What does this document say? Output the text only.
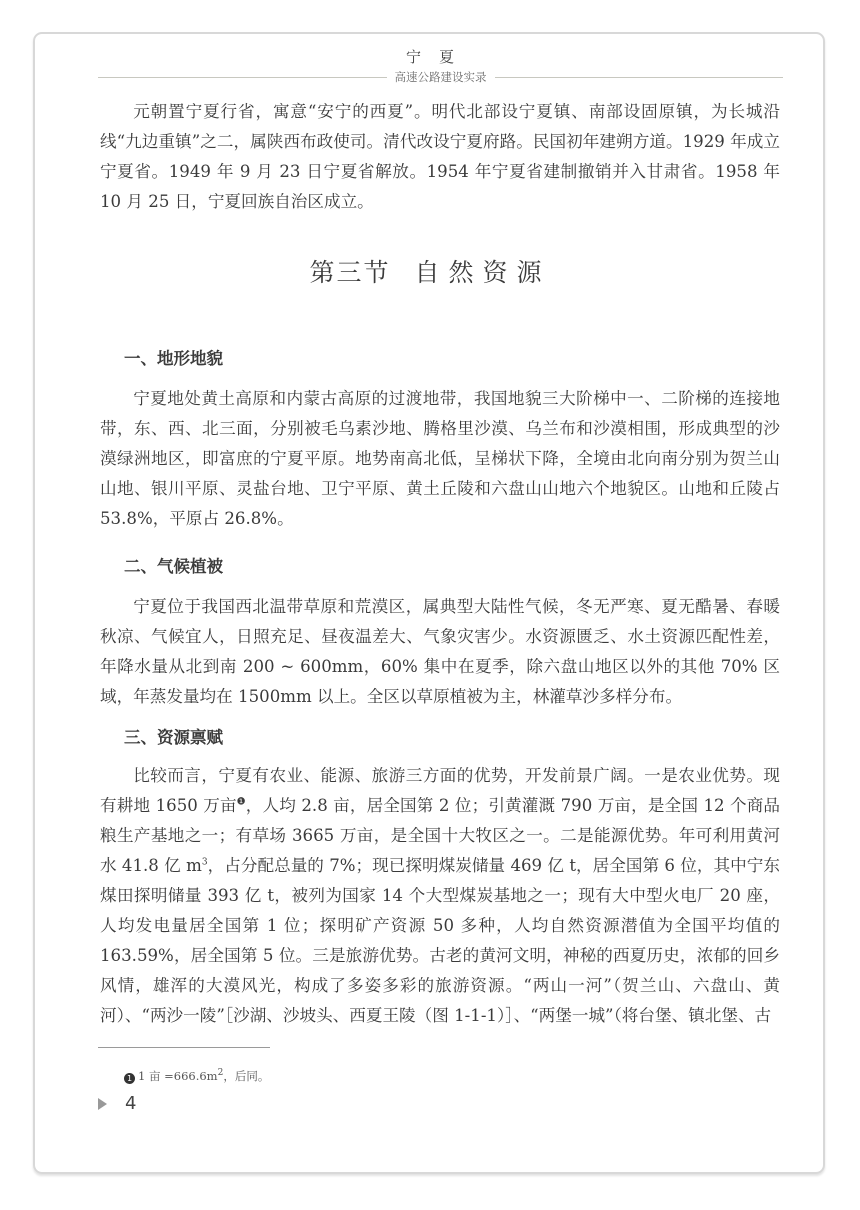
宁夏
高速公路建设实录

元朝置宁夏行省，寓意“安宁的西夏”。明代北部设宁夏镇、南部设固原镇，为长城沿线“九边重镇”之二，属陕西布政使司。清代改设宁夏府路。民国初年建朔方道。1929 年成立宁夏省。1949 年 9 月 23 日宁夏省解放。1954 年宁夏省建制撤销并入甘肃省。1958 年 10 月 25 日，宁夏回族自治区成立。

第三节 自然资源
一、地形地貌

宁夏地处黄土高原和内蒙古高原的过渡地带，我国地貌三大阶梯中一、二阶梯的连接地带，东、西、北三面，分别被毛乌素沙地、腾格里沙漠、乌兰布和沙漠相围，形成典型的沙漠绿洲地区，即富庶的宁夏平原。地势南高北低，呈梯状下降，全境由北向南分别为贺兰山山地、银川平原、灵盐台地、卫宁平原、黄土丘陵和六盘山山地六个地貌区。山地和丘陵占 53.8%，平原占 26.8%。

二、气候植被

宁夏位于我国西北温带草原和荒漠区，属典型大陆性气候，冬无严寒、夏无酷暑、春暖秋凉、气候宜人，日照充足、昼夜温差大、气象灾害少。水资源匮乏、水土资源匹配性差，年降水量从北到南 200 ~ 600mm，60% 集中在夏季，除六盘山地区以外的其他 70% 区域，年蒸发量均在 1500mm 以上。全区以草原植被为主，林灌草沙多样分布。

三、资源禀赋

比较而言，宁夏有农业、能源、旅游三方面的优势，开发前景广阔。一是农业优势。现有耕地 1650 万亩$^❶$，人均 2.8 亩，居全国第 2 位；引黄灌溉 790 万亩，是全国 12 个商品粮生产基地之一；有草场 3665 万亩，是全国十大牧区之一。二是能源优势。年可利用黄河水 41.8 亿 $m^3$，占分配总量的 7%；现已探明煤炭储量 469 亿 t，居全国第 6 位，其中宁东煤田探明储量 393 亿 t，被列为国家 14 个大型煤炭基地之一；现有大中型火电厂 20 座，人均发电量居全国第 1 位；探明矿产资源 50 多种，人均自然资源潜值为全国平均值的 163.59%，居全国第 5 位。三是旅游优势。古老的黄河文明，神秘的西夏历史，浓郁的回乡风情，雄浑的大漠风光，构成了多姿多彩的旅游资源。“两山一河”（贺兰山、六盘山、黄河）、“两沙一陵”［沙湖、沙坡头、西夏王陵（图 1-1-1）］、“两堡一城”（将台堡、镇北堡、古

1 1 亩 $=666.6m^2$，后同。
4
